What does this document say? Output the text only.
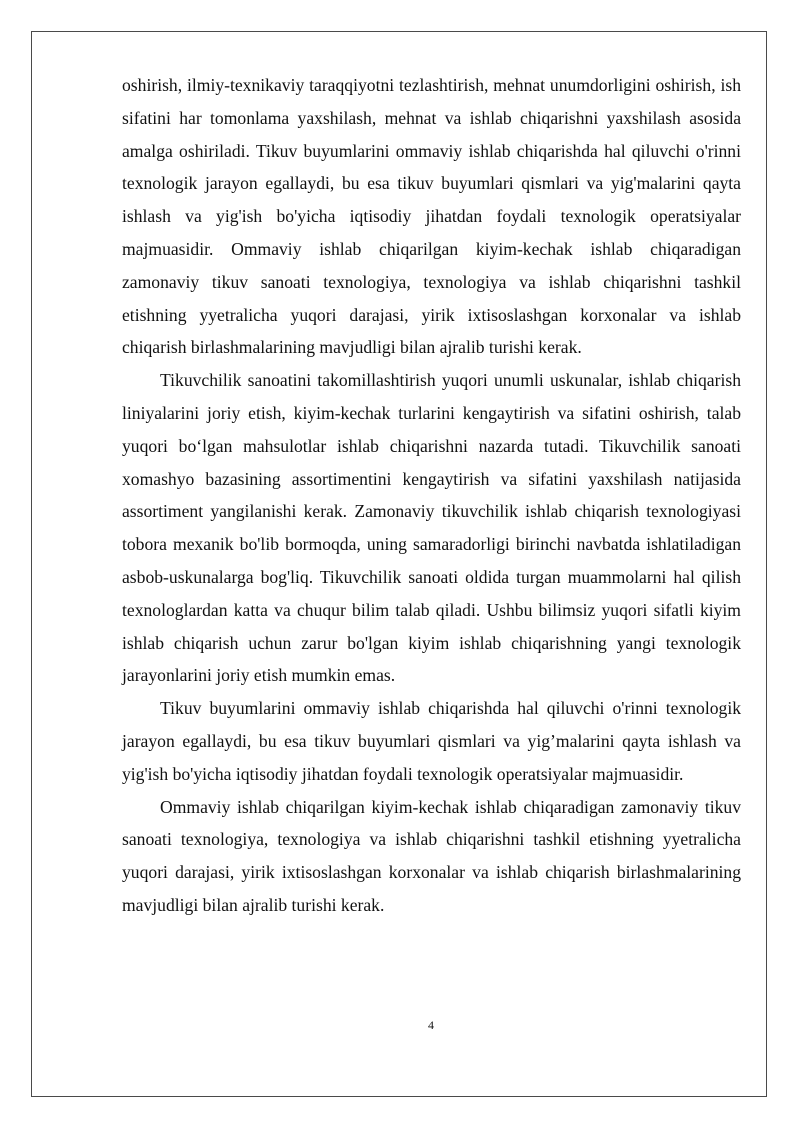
oshirish, ilmiy-texnikaviy taraqqiyotni tezlashtirish, mehnat unumdorligini oshirish, ish sifatini har tomonlama yaxshilash, mehnat va ishlab chiqarishni yaxshilash asosida amalga oshiriladi. Tikuv buyumlarini ommaviy ishlab chiqarishda hal qiluvchi o'rinni texnologik jarayon egallaydi, bu esa tikuv buyumlari qismlari va yig'malarini qayta ishlash va yig'ish bo'yicha iqtisodiy jihatdan foydali texnologik operatsiyalar majmuasidir. Ommaviy ishlab chiqarilgan kiyim-kechak ishlab chiqaradigan zamonaviy tikuv sanoati texnologiya, texnologiya va ishlab chiqarishni tashkil etishning yyetralicha yuqori darajasi, yirik ixtisoslashgan korxonalar va ishlab chiqarish birlashmalarining mavjudligi bilan ajralib turishi kerak.

Tikuvchilik sanoatini takomillashtirish yuqori unumli uskunalar, ishlab chiqarish liniyalarini joriy etish, kiyim-kechak turlarini kengaytirish va sifatini oshirish, talab yuqori bo‘lgan mahsulotlar ishlab chiqarishni nazarda tutadi. Tikuvchilik sanoati xomashyo bazasining assortimentini kengaytirish va sifatini yaxshilash natijasida assortiment yangilanishi kerak. Zamonaviy tikuvchilik ishlab chiqarish texnologiyasi tobora mexanik bo'lib bormoqda, uning samaradorligi birinchi navbatda ishlatiladigan asbob-uskunalarga bog'liq. Tikuvchilik sanoati oldida turgan muammolarni hal qilish texnologlardan katta va chuqur bilim talab qiladi. Ushbu bilimsiz yuqori sifatli kiyim ishlab chiqarish uchun zarur bo'lgan kiyim ishlab chiqarishning yangi texnologik jarayonlarini joriy etish mumkin emas.

Tikuv buyumlarini ommaviy ishlab chiqarishda hal qiluvchi o'rinni texnologik jarayon egallaydi, bu esa tikuv buyumlari qismlari va yig’malarini qayta ishlash va yig'ish bo'yicha iqtisodiy jihatdan foydali texnologik operatsiyalar majmuasidir.

Ommaviy ishlab chiqarilgan kiyim-kechak ishlab chiqaradigan zamonaviy tikuv sanoati texnologiya, texnologiya va ishlab chiqarishni tashkil etishning yyetralicha yuqori darajasi, yirik ixtisoslashgan korxonalar va ishlab chiqarish birlashmalarining mavjudligi bilan ajralib turishi kerak.

4
